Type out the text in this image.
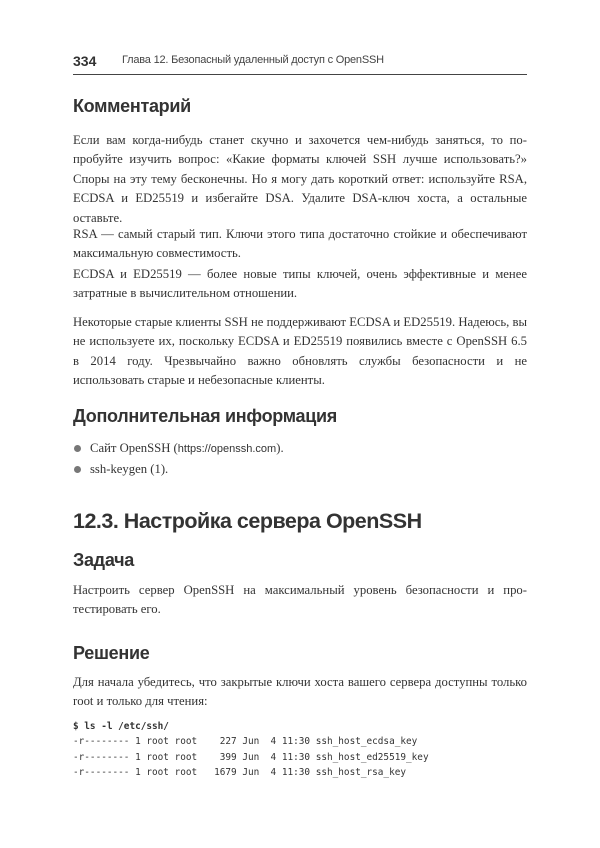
334 Глава 12. Безопасный удаленный доступ с OpenSSH
Комментарий

Если вам когда-нибудь станет скучно и захочется чем-нибудь заняться, то попробуйте изучить вопрос: «Какие форматы ключей SSH лучше использовать?» Споры на эту тему бесконечны. Но я могу дать короткий ответ: используйте RSA, ECDSA и ED25519 и избегайте DSA. Удалите DSA-ключ хоста, а остальные оставьте.

RSA — самый старый тип. Ключи этого типа достаточно стойкие и обеспечивают максимальную совместимость.

ECDSA и ED25519 — более новые типы ключей, очень эффективные и менее затратные в вычислительном отношении.

Некоторые старые клиенты SSH не поддерживают ECDSA и ED25519. Надеюсь, вы не используете их, поскольку ECDSA и ED25519 появились вместе с OpenSSH 6.5 в 2014 году. Чрезвычайно важно обновлять службы безопасности и не использовать старые и небезопасные клиенты.

Дополнительная информация
Сайт OpenSSH (https://openssh.com).
ssh-keygen (1).
12.3. Настройка сервера OpenSSH
Задача

Настроить сервер OpenSSH на максимальный уровень безопасности и протестировать его.

Решение

Для начала убедитесь, что закрытые ключи хоста вашего сервера доступны только root и только для чтения:

$ ls -l /etc/ssh/
-r-------- 1 root root    227 Jun  4 11:30 ssh_host_ecdsa_key
-r-------- 1 root root    399 Jun  4 11:30 ssh_host_ed25519_key
-r-------- 1 root root   1679 Jun  4 11:30 ssh_host_rsa_key
